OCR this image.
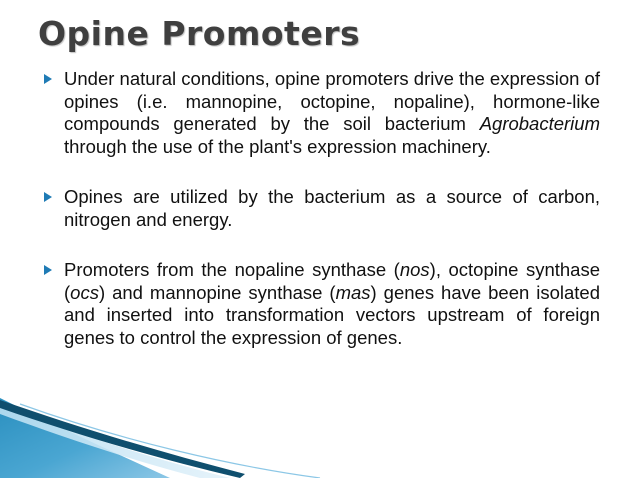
Opine Promoters
Under natural conditions, opine promoters drive the expression of opines (i.e. mannopine, octopine, nopaline), hormone-like compounds generated by the soil bacterium Agrobacterium through the use of the plant's expression machinery.
Opines are utilized by the bacterium as a source of carbon, nitrogen and energy.
Promoters from the nopaline synthase (nos), octopine synthase (ocs) and mannopine synthase (mas) genes have been isolated and inserted into transformation vectors upstream of foreign genes to control the expression of genes.
